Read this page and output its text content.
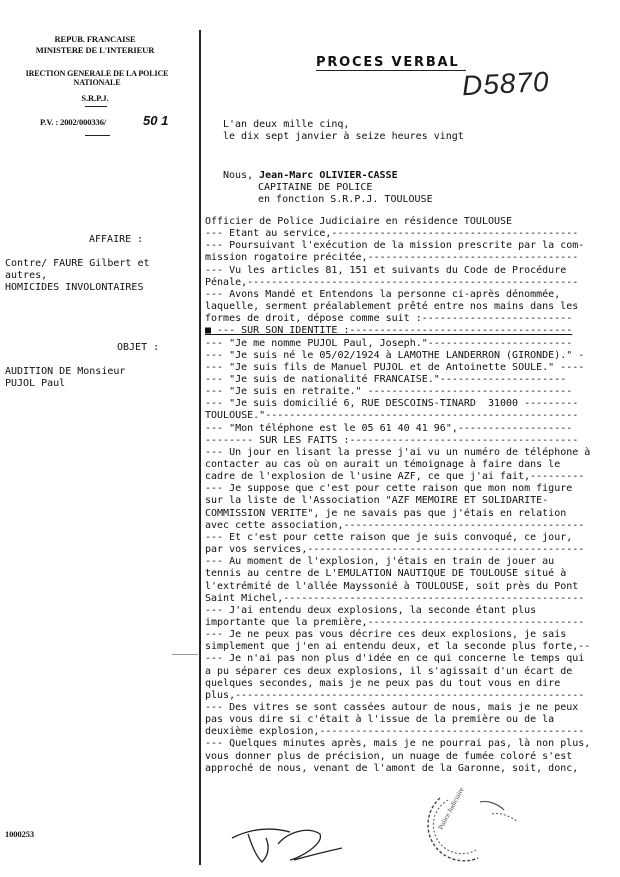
REPUB. FRANCAISE
MINISTERE DE L'INTERIEUR
IRECTION GENERALE DE LA POLICE NATIONALE
S.R.P.J.
P.V. : 2002/000336/	50 1
PROCES VERBAL
D5870
L'an deux mille cinq,
le dix sept janvier à seize heures vingt
Nous, Jean-Marc OLIVIER-CASSE
CAPITAINE DE POLICE
en fonction S.R.P.J. TOULOUSE
AFFAIRE :
Contre/ FAURE Gilbert et
autres,
HOMICIDES INVOLONTAIRES
OBJET :
AUDITION DE Monsieur
PUJOL Paul
1000253
Officier de Police Judiciaire en résidence TOULOUSE
--- Etant au service,-----------------------------------------
--- Poursuivant l'exécution de la mission prescrite par la com-
mission rogatoire précitée,-----------------------------------
--- Vu les articles 81, 151 et suivants du Code de Procédure
Pénale,-------------------------------------------------------
--- Avons Mandé et Entendons la personne ci-après dénommée,
laquelle, serment préalablement prêté entre nos mains dans les
formes de droit, dépose comme suit :-------------------------
■ --- SUR SON IDENTITE :-------------------------------------
--- "Je me nomme PUJOL Paul, Joseph."------------------------
--- "Je suis né le 05/02/1924 à LAMOTHE LANDERRON (GIRONDE)." -
--- "Je suis fils de Manuel PUJOL et de Antoinette SOULE." ----
--- "Je suis de nationalité FRANCAISE."---------------------
--- "Je suis en retraite." ----------------------------------
--- "Je suis domicilié 6, RUE DESCOINS-TINARD  31000 ---------
TOULOUSE."----------------------------------------------------
--- "Mon téléphone est le 05 61 40 41 96",-------------------
-------- SUR LES FAITS :--------------------------------------
--- Un jour en lisant la presse j'ai vu un numéro de téléphone à
contacter au cas où on aurait un témoignage à faire dans le
cadre de l'explosion de l'usine AZF, ce que j'ai fait,---------
--- Je suppose que c'est pour cette raison que mon nom figure
sur la liste de l'Association "AZF MEMOIRE ET SOLIDARITE-
COMMISSION VERITE", je ne savais pas que j'étais en relation
avec cette association,----------------------------------------
--- Et c'est pour cette raison que je suis convoqué, ce jour,
par vos services,----------------------------------------------
--- Au moment de l'explosion, j'étais en train de jouer au
tennis au centre de L'EMULATION NAUTIQUE DE TOULOUSE situé à
l'extrémité de l'allée Mayssonié à TOULOUSE, soit près du Pont
Saint Michel,--------------------------------------------------
--- J'ai entendu deux explosions, la seconde étant plus
importante que la première,------------------------------------
--- Je ne peux pas vous décrire ces deux explosions, je sais
simplement que j'en ai entendu deux, et la seconde plus forte,--
--- Je n'ai pas non plus d'idée en ce qui concerne le temps qui
a pu séparer ces deux explosions, il s'agissait d'un écart de
quelques secondes, mais je ne peux pas du tout vous en dire
plus,----------------------------------------------------------
--- Des vitres se sont cassées autour de nous, mais je ne peux
pas vous dire si c'était à l'issue de la première ou de la
deuxième explosion,--------------------------------------------
--- Quelques minutes après, mais je ne pourrai pas, là non plus,
vous donner plus de précision, un nuage de fumée coloré s'est
approché de nous, venant de l'amont de la Garonne, soit, donc,
Police Judiciaire
